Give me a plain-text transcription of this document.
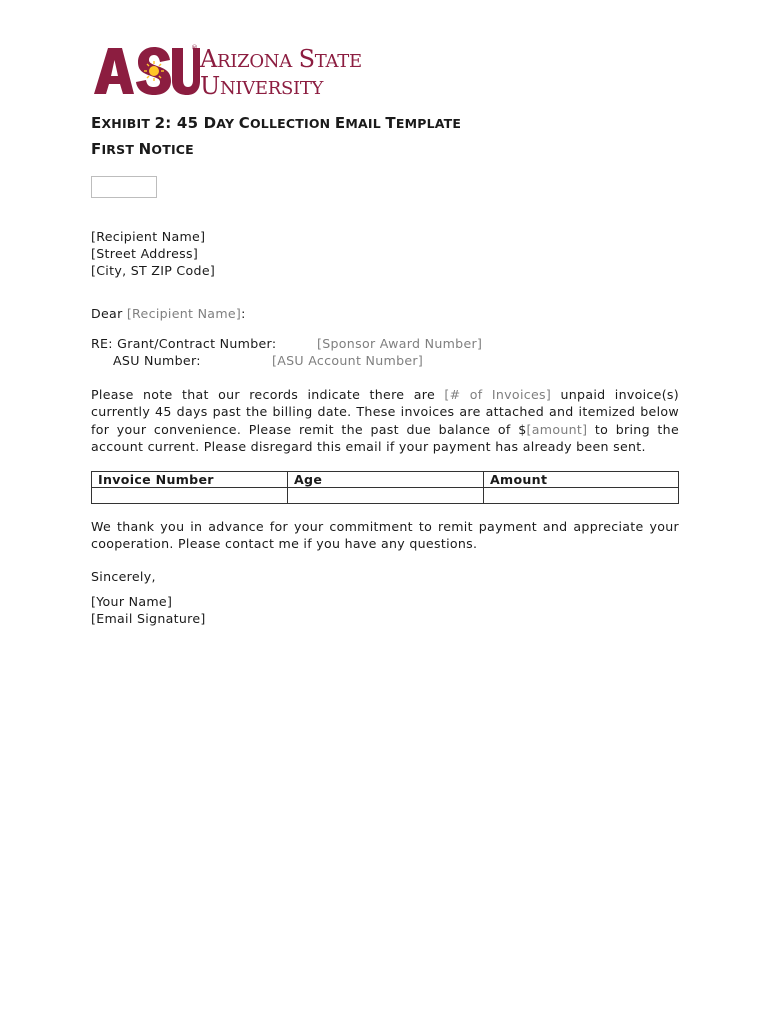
® ARIZONA STATE
UNIVERSITY
EXHIBIT 2: 45 DAY COLLECTION EMAIL TEMPLATE
FIRST NOTICE
[Recipient Name]
[Street Address]
[City, ST ZIP Code]
Dear [Recipient Name]:
RE: Grant/Contract Number:	[Sponsor Award Number]
ASU Number:	[ASU Account Number]
Please note that our records indicate there are [# of Invoices] unpaid invoice(s) currently 45 days past the billing date. These invoices are attached and itemized below for your convenience. Please remit the past due balance of $[amount] to bring the account current. Please disregard this email if your payment has already been sent.
Invoice Number	Age	Amount

We thank you in advance for your commitment to remit payment and appreciate your cooperation. Please contact me if you have any questions.
Sincerely,
[Your Name]
[Email Signature]
